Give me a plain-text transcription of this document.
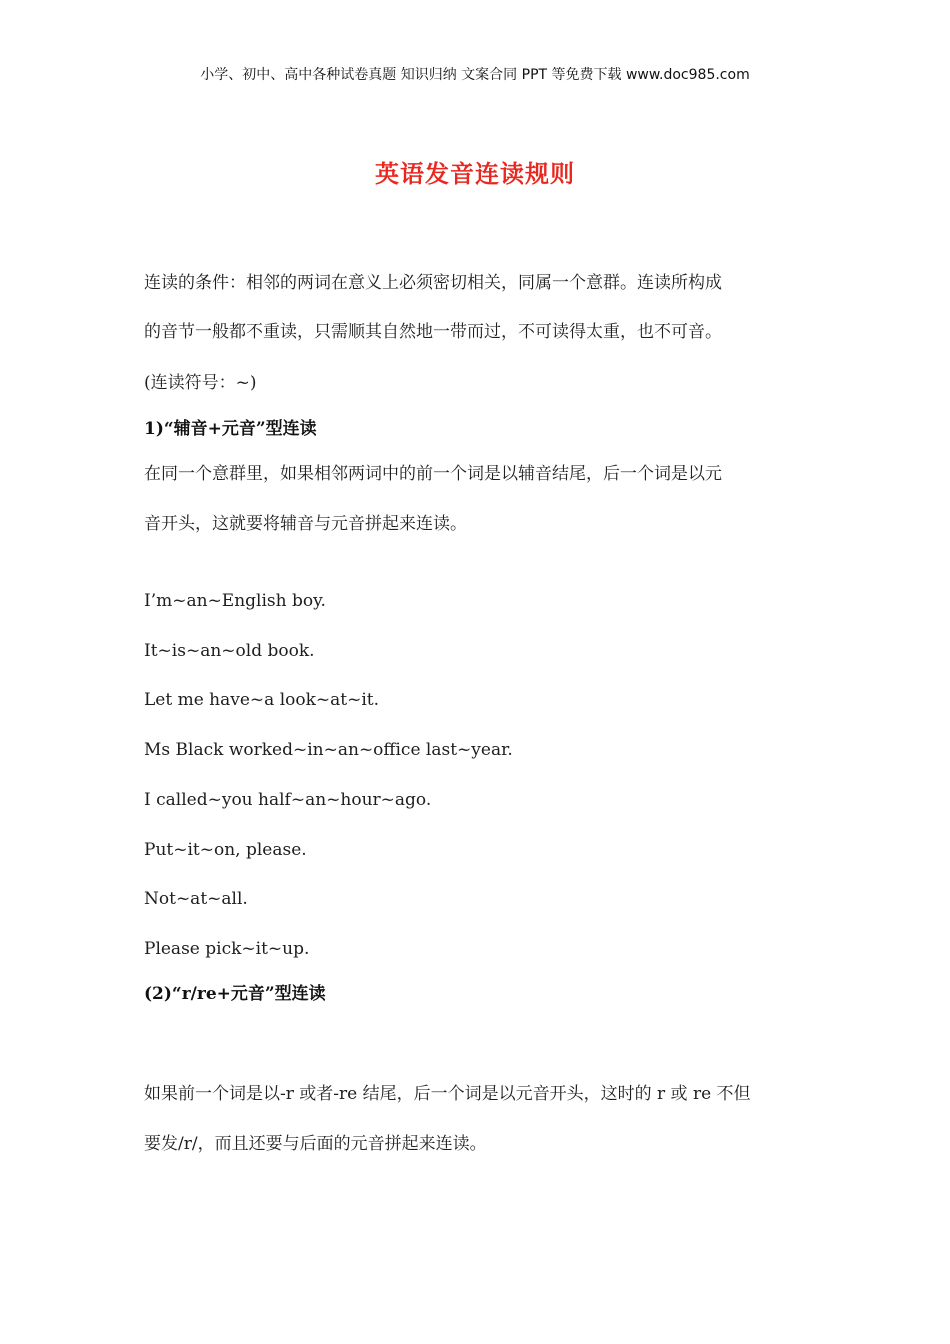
小学、初中、高中各种试卷真题 知识归纳 文案合同 PPT 等免费下载 www.doc985.com
英语发音连读规则
连读的条件：相邻的两词在意义上必须密切相关，同属一个意群。连读所构成
的音节一般都不重读，只需顺其自然地一带而过，不可读得太重，也不可音。
(连读符号：~)
1)“辅音+元音”型连读
在同一个意群里，如果相邻两词中的前一个词是以辅音结尾，后一个词是以元
音开头，这就要将辅音与元音拼起来连读。
I’m~an~English boy.
It~is~an~old book.
Let me have~a look~at~it.
Ms Black worked~in~an~office last~year.
I called~you half~an~hour~ago.
Put~it~on, please.
Not~at~all.
Please pick~it~up.
(2)“r/re+元音”型连读
如果前一个词是以-r 或者-re 结尾，后一个词是以元音开头，这时的 r 或 re 不但
要发/r/，而且还要与后面的元音拼起来连读。
